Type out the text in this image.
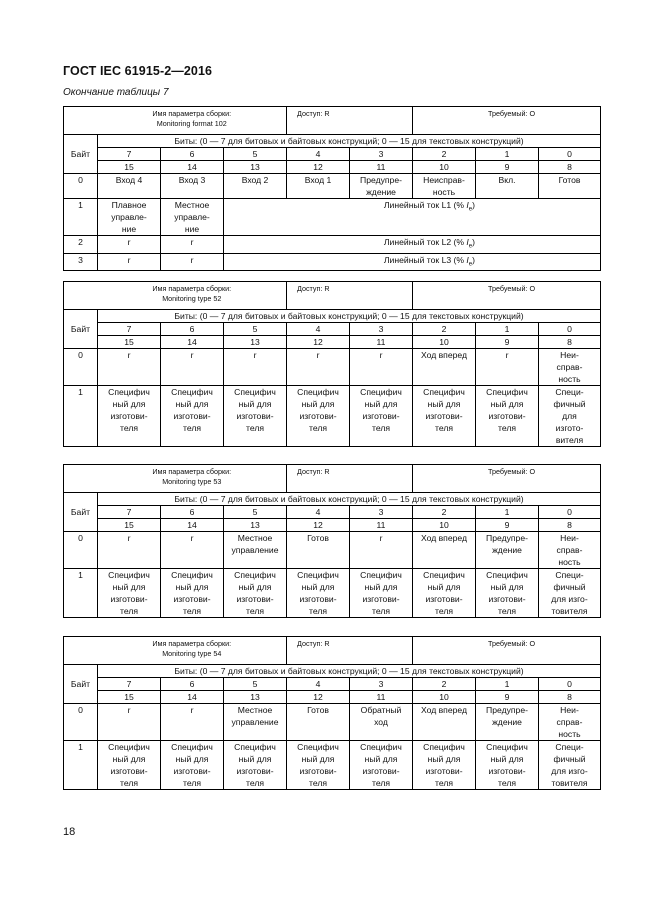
ГОСТ IEC 61915-2—2016
Окончание таблицы 7
	Имя параметра сборки:
Monitoring format 102	Доступ: R	Требуемый: О
Байт	Биты: (0 — 7 для битовых и байтовых конструкций; 0 — 15 для текстовых конструкций)							
	7	6	5	4	3	2	1	0
	15	14	13	12	11	10	9	8
0	Вход 4	Вход 3	Вход 2	Вход 1	Предупре-
ждение	Неисправ-
ность	Вкл.	Готов
1	Плавное
управле-
ние	Местное
управле-
ние	Линейный ток L1 (% $I_e$)					
2	r	r	Линейный ток L2 (% $I_e$)					
3	r	r	Линейный ток L3 (% $I_e$)					
	Имя параметра сборки:
Monitoring type 52	Доступ: R	Требуемый: О
Байт	Биты: (0 — 7 для битовых и байтовых конструкций; 0 — 15 для текстовых конструкций)							
	7	6	5	4	3	2	1	0
	15	14	13	12	11	10	9	8
0	r	r	r	r	r	Ход вперед	r	Неи-
справ-
ность
1	Специфич
ный для
изготови-
теля	Специфич
ный для
изготови-
теля	Специфич
ный для
изготови-
теля	Специфич
ный для
изготови-
теля	Специфич
ный для
изготови-
теля	Специфич
ный для
изготови-
теля	Специфич
ный для
изготови-
теля	Специ-
фичный
для
изгото-
вителя
	Имя параметра сборки:
Monitoring type 53	Доступ: R	Требуемый: О
Байт	Биты: (0 — 7 для битовых и байтовых конструкций; 0 — 15 для текстовых конструкций)							
	7	6	5	4	3	2	1	0
	15	14	13	12	11	10	9	8
0	r	r	Местное
управление	Готов	r	Ход вперед	Предупре-
ждение	Неи-
справ-
ность
1	Специфич
ный для
изготови-
теля	Специфич
ный для
изготови-
теля	Специфич
ный для
изготови-
теля	Специфич
ный для
изготови-
теля	Специфич
ный для
изготови-
теля	Специфич
ный для
изготови-
теля	Специфич
ный для
изготови-
теля	Специ-
фичный
для изго-
товителя
	Имя параметра сборки:
Monitoring type 54	Доступ: R	Требуемый: О
Байт	Биты: (0 — 7 для битовых и байтовых конструкций; 0 — 15 для текстовых конструкций)							
	7	6	5	4	3	2	1	0
	15	14	13	12	11	10	9	8
0	r	r	Местное
управление	Готов	Обратный
ход	Ход вперед	Предупре-
ждение	Неи-
справ-
ность
1	Специфич
ный для
изготови-
теля	Специфич
ный для
изготови-
теля	Специфич
ный для
изготови-
теля	Специфич
ный для
изготови-
теля	Специфич
ный для
изготови-
теля	Специфич
ный для
изготови-
теля	Специфич
ный для
изготови-
теля	Специ-
фичный
для изго-
товителя
18
